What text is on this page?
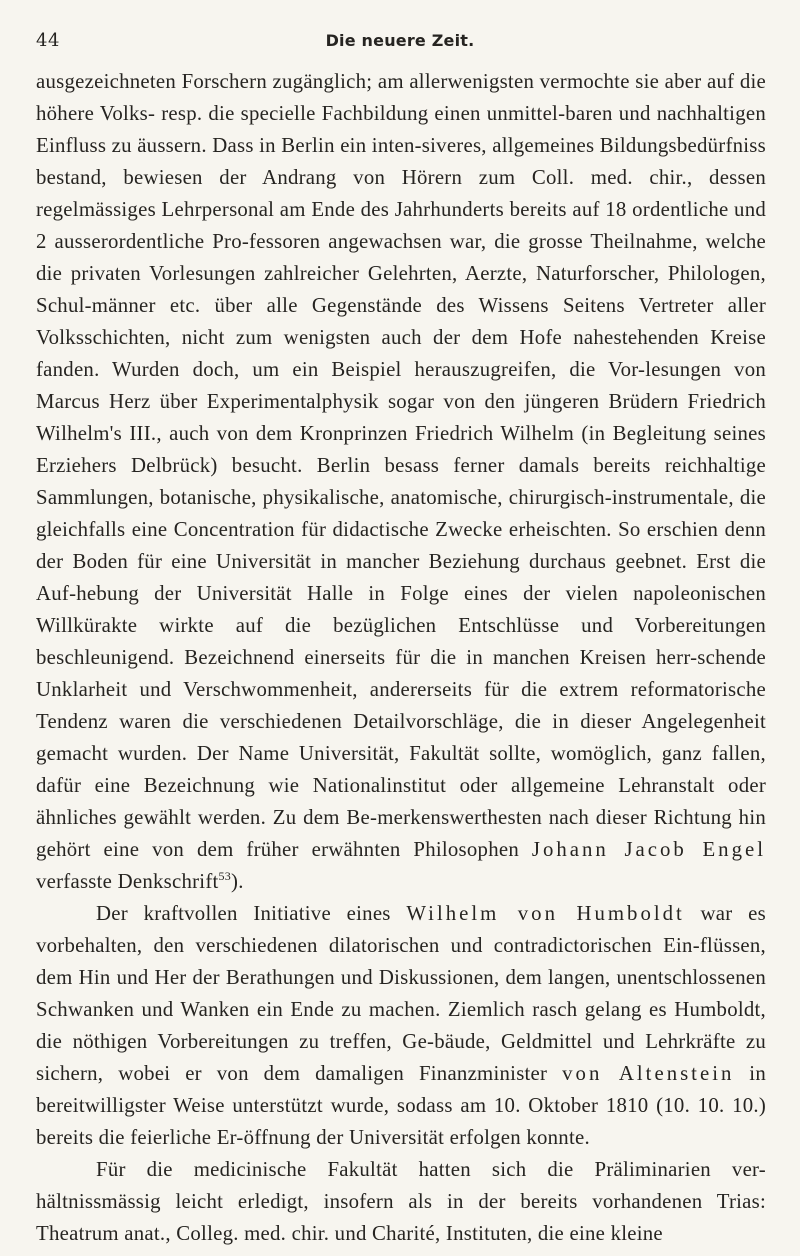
44	Die neuere Zeit.

ausgezeichneten Forschern zugänglich; am allerwenigsten vermochte sie aber auf die höhere Volks- resp. die specielle Fachbildung einen unmittel-baren und nachhaltigen Einfluss zu äussern. Dass in Berlin ein inten-siveres, allgemeines Bildungsbedürfniss bestand, bewiesen der Andrang von Hörern zum Coll. med. chir., dessen regelmässiges Lehrpersonal am Ende des Jahrhunderts bereits auf 18 ordentliche und 2 ausserordentliche Pro-fessoren angewachsen war, die grosse Theilnahme, welche die privaten Vorlesungen zahlreicher Gelehrten, Aerzte, Naturforscher, Philologen, Schul-männer etc. über alle Gegenstände des Wissens Seitens Vertreter aller Volksschichten, nicht zum wenigsten auch der dem Hofe nahestehenden Kreise fanden. Wurden doch, um ein Beispiel herauszugreifen, die Vor-lesungen von Marcus Herz über Experimentalphysik sogar von den jüngeren Brüdern Friedrich Wilhelm's III., auch von dem Kronprinzen Friedrich Wilhelm (in Begleitung seines Erziehers Delbrück) besucht. Berlin besass ferner damals bereits reichhaltige Sammlungen, botanische, physikalische, anatomische, chirurgisch-instrumentale, die gleichfalls eine Concentration für didactische Zwecke erheischten. So erschien denn der Boden für eine Universität in mancher Beziehung durchaus geebnet. Erst die Auf-hebung der Universität Halle in Folge eines der vielen napoleonischen Willkürakte wirkte auf die bezüglichen Entschlüsse und Vorbereitungen beschleunigend. Bezeichnend einerseits für die in manchen Kreisen herr-schende Unklarheit und Verschwommenheit, andererseits für die extrem reformatorische Tendenz waren die verschiedenen Detailvorschläge, die in dieser Angelegenheit gemacht wurden. Der Name Universität, Fakultät sollte, womöglich, ganz fallen, dafür eine Bezeichnung wie Nationalinstitut oder allgemeine Lehranstalt oder ähnliches gewählt werden. Zu dem Be-merkenswerthesten nach dieser Richtung hin gehört eine von dem früher erwähnten Philosophen Johann Jacob Engel verfasste Denkschrift$^{53}$).

Der kraftvollen Initiative eines Wilhelm von Humboldt war es vorbehalten, den verschiedenen dilatorischen und contradictorischen Ein-flüssen, dem Hin und Her der Berathungen und Diskussionen, dem langen, unentschlossenen Schwanken und Wanken ein Ende zu machen. Ziemlich rasch gelang es Humboldt, die nöthigen Vorbereitungen zu treffen, Ge-bäude, Geldmittel und Lehrkräfte zu sichern, wobei er von dem damaligen Finanzminister von Altenstein in bereitwilligster Weise unterstützt wurde, sodass am 10. Oktober 1810 (10. 10. 10.) bereits die feierliche Er-öffnung der Universität erfolgen konnte.

Für die medicinische Fakultät hatten sich die Präliminarien ver-hältnissmässig leicht erledigt, insofern als in der bereits vorhandenen Trias: Theatrum anat., Colleg. med. chir. und Charité, Instituten, die eine kleine
